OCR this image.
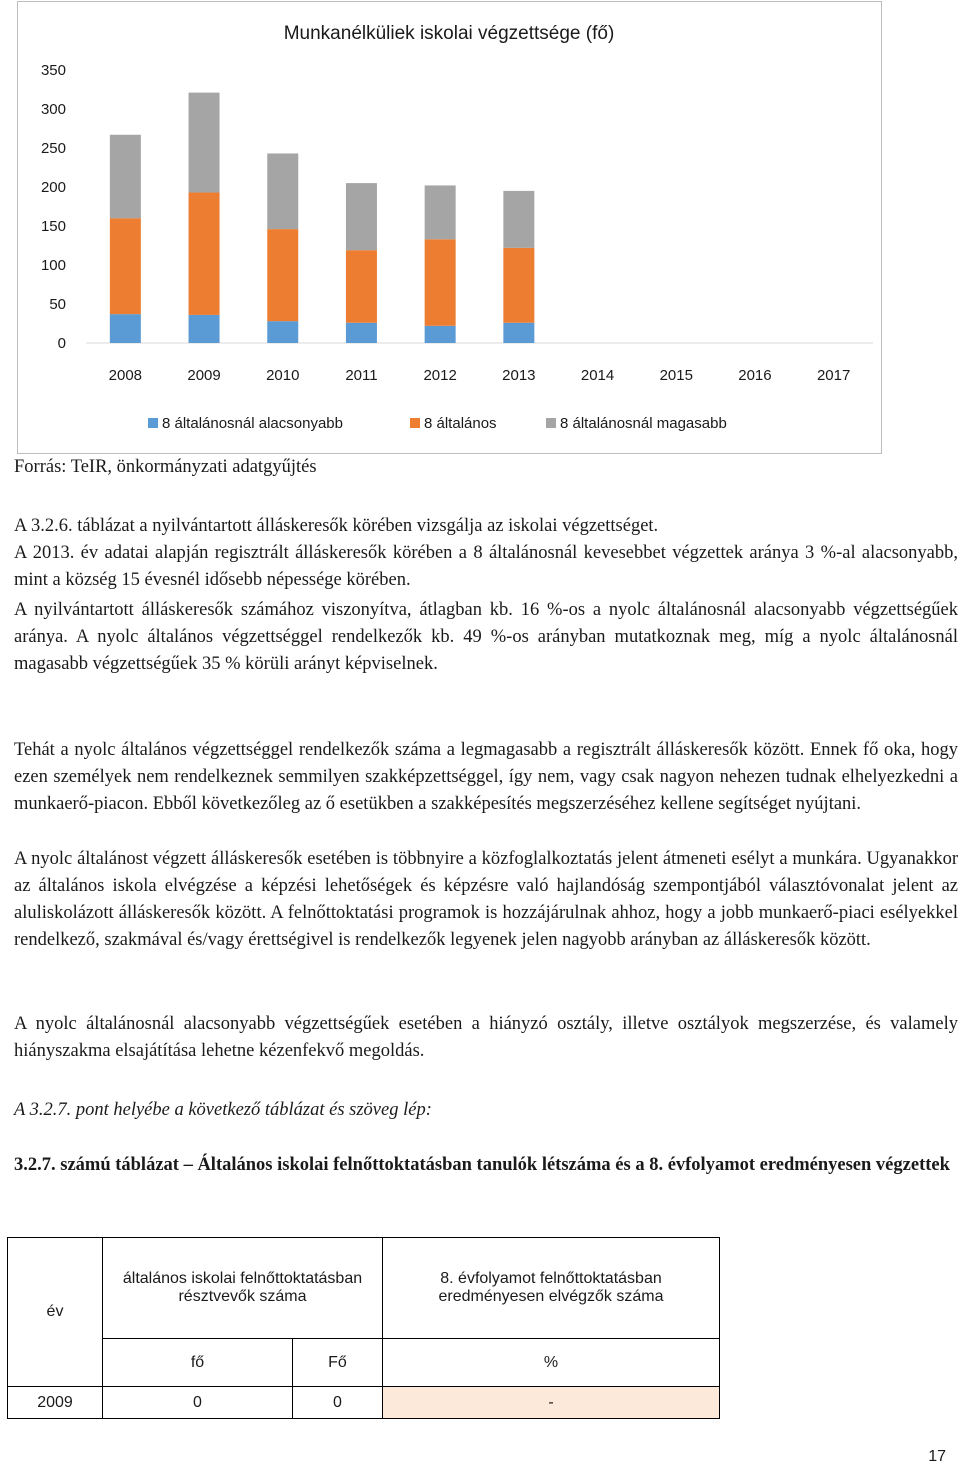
Munkanélküliek iskolai végzettsége (fő)
0
50
100
150
200
250
300
350
2008	2009	2010	2011	2012	2013	2014	2015	2016	2017
8 általánosnál alacsonyabb	8 általános	8 általánosnál magasabb
Forrás: TeIR, önkormányzati adatgyűjtés

A 3.2.6. táblázat a nyilvántartott álláskeresők körében vizsgálja az iskolai végzettséget.

A 2013. év adatai alapján regisztrált álláskeresők körében a 8 általánosnál kevesebbet végzettek aránya 3 %-al alacsonyabb, mint a község 15 évesnél idősebb népessége körében.

A nyilvántartott álláskeresők számához viszonyítva, átlagban kb. 16 %-os a nyolc általánosnál alacsonyabb végzettségűek aránya. A nyolc általános végzettséggel rendelkezők kb. 49 %-os arányban mutatkoznak meg, míg a nyolc általánosnál magasabb végzettségűek 35 % körüli arányt képviselnek.

Tehát a nyolc általános végzettséggel rendelkezők száma a legmagasabb a regisztrált álláskeresők között. Ennek fő oka, hogy ezen személyek nem rendelkeznek semmilyen szakképzettséggel, így nem, vagy csak nagyon nehezen tudnak elhelyezkedni a munkaerő-piacon. Ebből következőleg az ő esetükben a szakképesítés megszerzéséhez kellene segítséget nyújtani.

A nyolc általánost végzett álláskeresők esetében is többnyire a közfoglalkoztatás jelent átmeneti esélyt a munkára. Ugyanakkor az általános iskola elvégzése a képzési lehetőségek és képzésre való hajlandóság szempontjából választóvonalat jelent az aluliskolázott álláskeresők között. A felnőttoktatási programok is hozzájárulnak ahhoz, hogy a jobb munkaerő-piaci esélyekkel rendelkező, szakmával és/vagy érettségivel is rendelkezők legyenek jelen nagyobb arányban az álláskeresők között.

A nyolc általánosnál alacsonyabb végzettségűek esetében a hiányzó osztály, illetve osztályok megszerzése, és valamely hiányszakma elsajátítása lehetne kézenfekvő megoldás.

A 3.2.7. pont helyébe a következő táblázat és szöveg lép:

3.2.7. számú táblázat – Általános iskolai felnőttoktatásban tanulók létszáma és a 8. évfolyamot eredményesen végzettek

év	általános iskolai felnőttoktatásban résztvevők száma		8. évfolyamot felnőttoktatásban eredményesen elvégzők száma
	fő	Fő	%
2009	0	0	-
17
